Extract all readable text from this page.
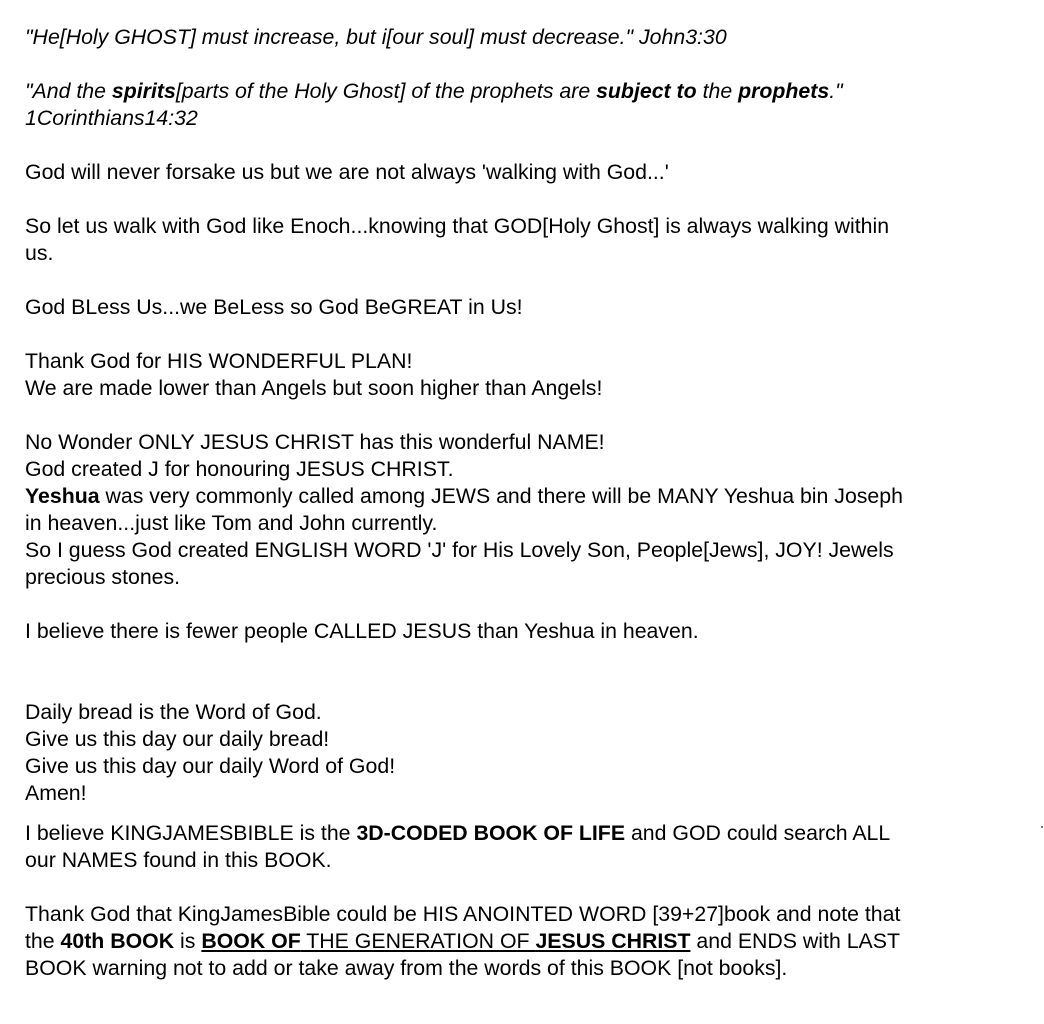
"He[Holy GHOST] must increase, but i[our soul] must decrease." John3:30
"And the spirits[parts of the Holy Ghost] of the prophets are subject to the prophets."
1Corinthians14:32
God will never forsake us but we are not always 'walking with God...'
So let us walk with God like Enoch...knowing that GOD[Holy Ghost] is always walking within
us.
God BLess Us...we BeLess so God BeGREAT in Us!
Thank God for HIS WONDERFUL PLAN!
We are made lower than Angels but soon higher than Angels!
No Wonder ONLY JESUS CHRIST has this wonderful NAME!
God created J for honouring JESUS CHRIST.
Yeshua was very commonly called among JEWS and there will be MANY Yeshua bin Joseph
in heaven...just like Tom and John currently.
So I guess God created ENGLISH WORD 'J' for His Lovely Son, People[Jews], JOY! Jewels
precious stones.
I believe there is fewer people CALLED JESUS than Yeshua in heaven.
Daily bread is the Word of God.
Give us this day our daily bread!
Give us this day our daily Word of God!
Amen!
I believe KINGJAMESBIBLE is the 3D-CODED BOOK OF LIFE and GOD could search ALL
our NAMES found in this BOOK.
Thank God that KingJamesBible could be HIS ANOINTED WORD [39+27]book and note that
the 40th BOOK is BOOK OF THE GENERATION OF JESUS CHRIST and ENDS with LAST
BOOK warning not to add or take away from the words of this BOOK [not books].
